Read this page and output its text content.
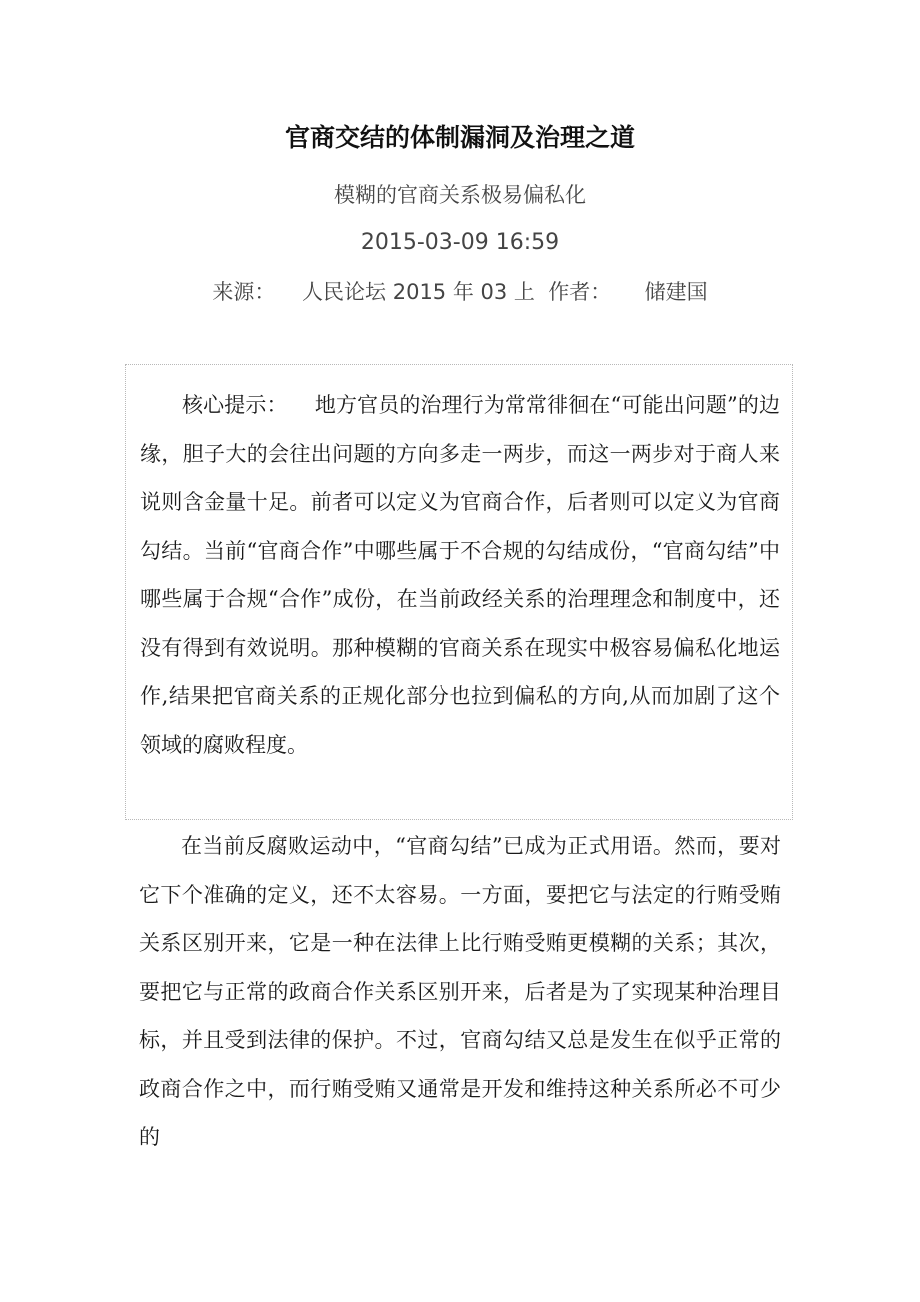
官商交结的体制漏洞及治理之道
模糊的官商关系极易偏私化
2015-03-09 16:59
来源：    人民论坛 2015 年 03 上  作者：     储建国

核心提示：    地方官员的治理行为常常徘徊在“可能出问题”的边缘，胆子大的会往出问题的方向多走一两步，而这一两步对于商人来说则含金量十足。前者可以定义为官商合作，后者则可以定义为官商勾结。当前“官商合作”中哪些属于不合规的勾结成份，“官商勾结”中哪些属于合规“合作”成份，在当前政经关系的治理理念和制度中，还没有得到有效说明。那种模糊的官商关系在现实中极容易偏私化地运作,结果把官商关系的正规化部分也拉到偏私的方向,从而加剧了这个领域的腐败程度。

在当前反腐败运动中，“官商勾结”已成为正式用语。然而，要对它下个准确的定义，还不太容易。一方面，要把它与法定的行贿受贿关系区别开来，它是一种在法律上比行贿受贿更模糊的关系；其次，要把它与正常的政商合作关系区别开来，后者是为了实现某种治理目标，并且受到法律的保护。不过，官商勾结又总是发生在似乎正常的政商合作之中，而行贿受贿又通常是开发和维持这种关系所必不可少的
